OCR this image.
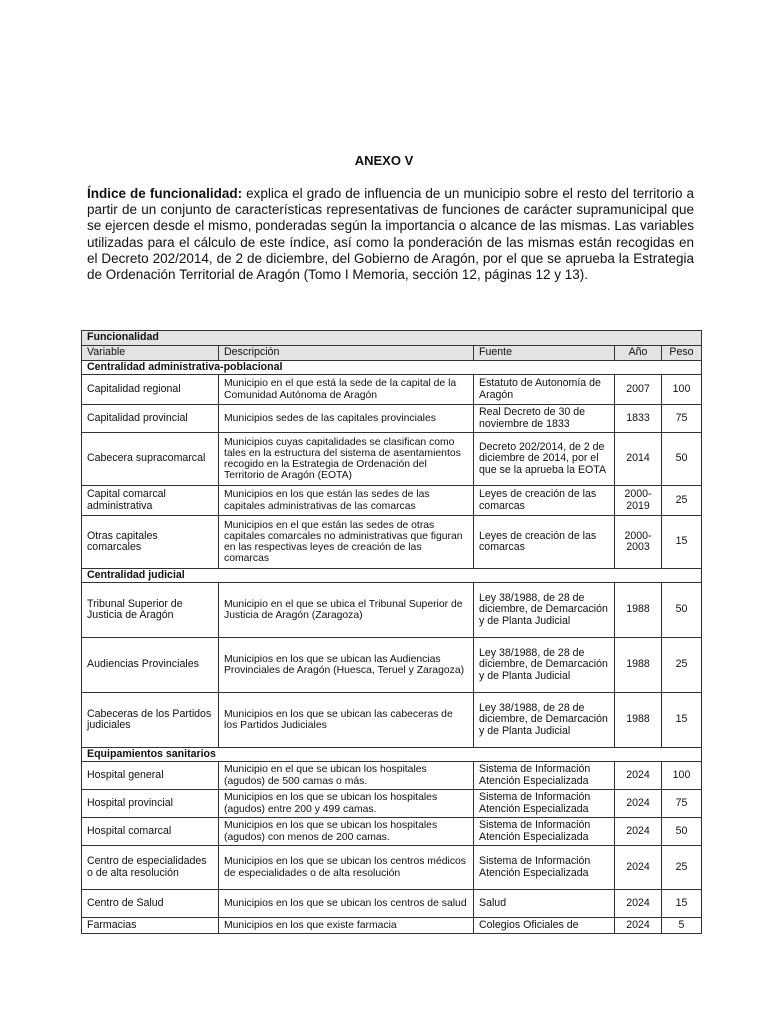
ANEXO V
Índice de funcionalidad: explica el grado de influencia de un municipio sobre el resto del territorio a partir de un conjunto de características representativas de funciones de carácter supramunicipal que se ejercen desde el mismo, ponderadas según la importancia o alcance de las mismas. Las variables utilizadas para el cálculo de este índice, así como la ponderación de las mismas están recogidas en el Decreto 202/2014, de 2 de diciembre, del Gobierno de Aragón, por el que se aprueba la Estrategia de Ordenación Territorial de Aragón (Tomo I Memoria, sección 12, páginas 12 y 13).
Funcionalidad				
Variable	Descripción	Fuente	Año	Peso
Centralidad administrativa-poblacional				
Capitalidad regional	Municipio en el que está la sede de la capital de la Comunidad Autónoma de Aragón	Estatuto de Autonomía de Aragón	2007	100
Capitalidad provincial	Municipios sedes de las capitales provinciales	Real Decreto de 30 de noviembre de 1833	1833	75
Cabecera supracomarcal	Municipios cuyas capitalidades se clasifican como tales en la estructura del sistema de asentamientos recogido en la Estrategia de Ordenación del Territorio de Aragón (EOTA)	Decreto 202/2014, de 2 de diciembre de 2014, por el que se la aprueba la EOTA	2014	50
Capital comarcal administrativa	Municipios en los que están las sedes de las capitales administrativas de las comarcas	Leyes de creación de las comarcas	2000-2019	25
Otras capitales comarcales	Municipios en el que están las sedes de otras capitales comarcales no administrativas que figuran en las respectivas leyes de creación de las comarcas	Leyes de creación de las comarcas	2000-2003	15
Centralidad judicial				
Tribunal Superior de Justicia de Aragón	Municipio en el que se ubica el Tribunal Superior de Justicia de Aragón (Zaragoza)	Ley 38/1988, de 28 de diciembre, de Demarcación y de Planta Judicial	1988	50
Audiencias Provinciales	Municipios en los que se ubican las Audiencias Provinciales de Aragón (Huesca, Teruel y Zaragoza)	Ley 38/1988, de 28 de diciembre, de Demarcación y de Planta Judicial	1988	25
Cabeceras de los Partidos judiciales	Municipios en los que se ubican las cabeceras de los Partidos Judiciales	Ley 38/1988, de 28 de diciembre, de Demarcación y de Planta Judicial	1988	15
Equipamientos sanitarios				
Hospital general	Municipio en el que se ubican los hospitales (agudos) de 500 camas o más.	Sistema de Información Atención Especializada	2024	100
Hospital provincial	Municipios en los que se ubican los hospitales (agudos) entre 200 y 499 camas.	Sistema de Información Atención Especializada	2024	75
Hospital comarcal	Municipios en los que se ubican los hospitales (agudos) con menos de 200 camas.	Sistema de Información Atención Especializada	2024	50
Centro de especialidades o de alta resolución	Municipios en los que se ubican los centros médicos de especialidades o de alta resolución	Sistema de Información Atención Especializada	2024	25
Centro de Salud	Municipios en los que se ubican los centros de salud	Salud	2024	15
Farmacias	Municipios en los que existe farmacia	Colegios Oficiales de	2024	5
